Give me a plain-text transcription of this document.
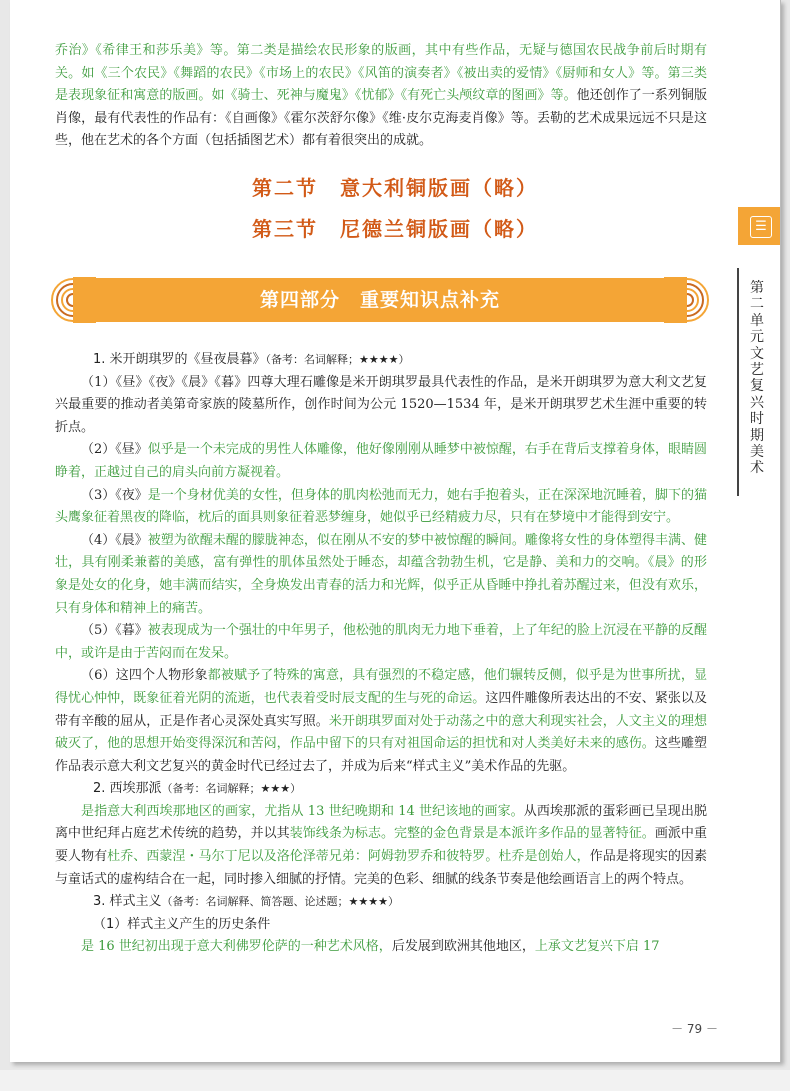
乔治》《希律王和莎乐美》等。第二类是描绘农民形象的版画，其中有些作品，无疑与德国农民战争前后时期有关。如《三个农民》《舞蹈的农民》《市场上的农民》《风笛的演奏者》《被出卖的爱情》《厨师和女人》等。第三类是表现象征和寓意的版画。如《骑士、死神与魔鬼》《忧郁》《有死亡头颅纹章的图画》等。他还创作了一系列铜版肖像，最有代表性的作品有：《自画像》《霍尔茨舒尔像》《维·皮尔克海麦肖像》等。丢勒的艺术成果远远不只是这些，他在艺术的各个方面（包括插图艺术）都有着很突出的成就。

第二节　意大利铜版画（略）
第三节　尼德兰铜版画（略）
第四部分　重要知识点补充

1. 米开朗琪罗的《昼夜晨暮》（备考：名词解释；★★★★）

（1）《昼》《夜》《晨》《暮》四尊大理石雕像是米开朗琪罗最具代表性的作品，是米开朗琪罗为意大利文艺复兴最重要的推动者美第奇家族的陵墓所作，创作时间为公元 1520—1534 年，是米开朗琪罗艺术生涯中重要的转折点。

（2）《昼》似乎是一个未完成的男性人体雕像，他好像刚刚从睡梦中被惊醒，右手在背后支撑着身体，眼睛圆睁着，正越过自己的肩头向前方凝视着。

（3）《夜》是一个身材优美的女性，但身体的肌肉松弛而无力，她右手抱着头，正在深深地沉睡着，脚下的猫头鹰象征着黑夜的降临，枕后的面具则象征着恶梦缠身，她似乎已经精疲力尽，只有在梦境中才能得到安宁。

（4）《晨》被塑为欲醒未醒的朦胧神态，似在刚从不安的梦中被惊醒的瞬间。雕像将女性的身体塑得丰满、健壮，具有刚柔兼蓄的美感，富有弹性的肌体虽然处于睡态，却蕴含勃勃生机，它是静、美和力的交响。《晨》的形象是处女的化身，她丰满而结实，全身焕发出青春的活力和光辉，似乎正从昏睡中挣扎着苏醒过来，但没有欢乐，只有身体和精神上的痛苦。

（5）《暮》被表现成为一个强壮的中年男子，他松弛的肌肉无力地下垂着，上了年纪的脸上沉浸在平静的反醒中，或许是由于苦闷而在发呆。

（6）这四个人物形象都被赋予了特殊的寓意，具有强烈的不稳定感，他们辗转反侧，似乎是为世事所扰，显得忧心忡忡，既象征着光阴的流逝，也代表着受时辰支配的生与死的命运。这四件雕像所表达出的不安、紧张以及带有辛酸的屈从，正是作者心灵深处真实写照。米开朗琪罗面对处于动荡之中的意大利现实社会，人文主义的理想破灭了，他的思想开始变得深沉和苦闷，作品中留下的只有对祖国命运的担忧和对人类美好未来的感伤。这些雕塑作品表示意大利文艺复兴的黄金时代已经过去了，并成为后来“样式主义”美术作品的先驱。

2. 西埃那派（备考：名词解释；★★★）

是指意大利西埃那地区的画家，尤指从 13 世纪晚期和 14 世纪该地的画家。从西埃那派的蛋彩画已呈现出脱离中世纪拜占庭艺术传统的趋势，并以其装饰线条为标志。完整的金色背景是本派许多作品的显著特征。画派中重要人物有杜乔、西蒙涅・马尔丁尼以及洛伦泽蒂兄弟：阿姆勃罗乔和彼特罗。杜乔是创始人，作品是将现实的因素与童话式的虚构结合在一起，同时掺入细腻的抒情。完美的色彩、细腻的线条节奏是他绘画语言上的两个特点。

3. 样式主义（备考：名词解释、简答题、论述题；★★★★）

（1）样式主义产生的历史条件

是 16 世纪初出现于意大利佛罗伦萨的一种艺术风格，后发展到欧洲其他地区，上承文艺复兴下启 17

☰
第二单元　文艺复兴时期美术
－ 79 －
